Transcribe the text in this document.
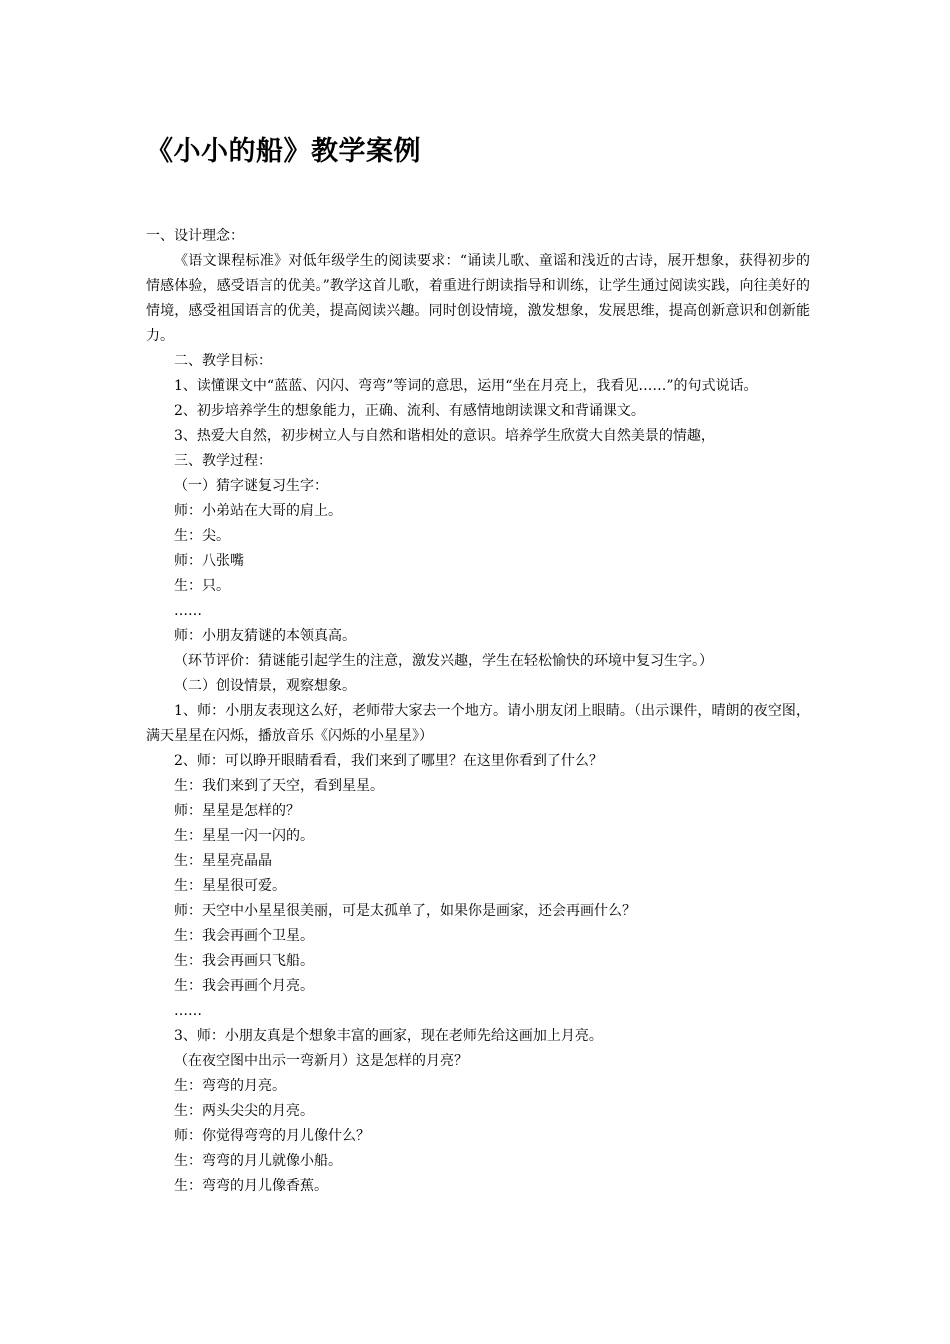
《小小的船》教学案例

一、设计理念：

《语文课程标准》对低年级学生的阅读要求：“诵读儿歌、童谣和浅近的古诗，展开想象，获得初步的情感体验，感受语言的优美。”教学这首儿歌，着重进行朗读指导和训练，让学生通过阅读实践，向往美好的情境，感受祖国语言的优美，提高阅读兴趣。同时创设情境，激发想象，发展思维，提高创新意识和创新能力。

二、教学目标：

1、读懂课文中“蓝蓝、闪闪、弯弯”等词的意思，运用“坐在月亮上，我看见……”的句式说话。

2、初步培养学生的想象能力，正确、流利、有感情地朗读课文和背诵课文。

3、热爱大自然，初步树立人与自然和谐相处的意识。培养学生欣赏大自然美景的情趣，

三、教学过程：

（一）猜字谜复习生字：

师：小弟站在大哥的肩上。

生：尖。

师：八张嘴

生：只。

……

师：小朋友猜谜的本领真高。

（环节评价：猜谜能引起学生的注意，激发兴趣，学生在轻松愉快的环境中复习生字。）

（二）创设情景，观察想象。

1、师：小朋友表现这么好，老师带大家去一个地方。请小朋友闭上眼睛。（出示课件，晴朗的夜空图，满天星星在闪烁，播放音乐《闪烁的小星星》）

2、师：可以睁开眼睛看看，我们来到了哪里？在这里你看到了什么？

生：我们来到了天空，看到星星。

师：星星是怎样的？

生：星星一闪一闪的。

生：星星亮晶晶

生：星星很可爱。

师：天空中小星星很美丽，可是太孤单了，如果你是画家，还会再画什么？

生：我会再画个卫星。

生：我会再画只飞船。

生：我会再画个月亮。

……

3、师：小朋友真是个想象丰富的画家，现在老师先给这画加上月亮。

（在夜空图中出示一弯新月）这是怎样的月亮？

生：弯弯的月亮。

生：两头尖尖的月亮。

师：你觉得弯弯的月儿像什么？

生：弯弯的月儿就像小船。

生：弯弯的月儿像香蕉。
